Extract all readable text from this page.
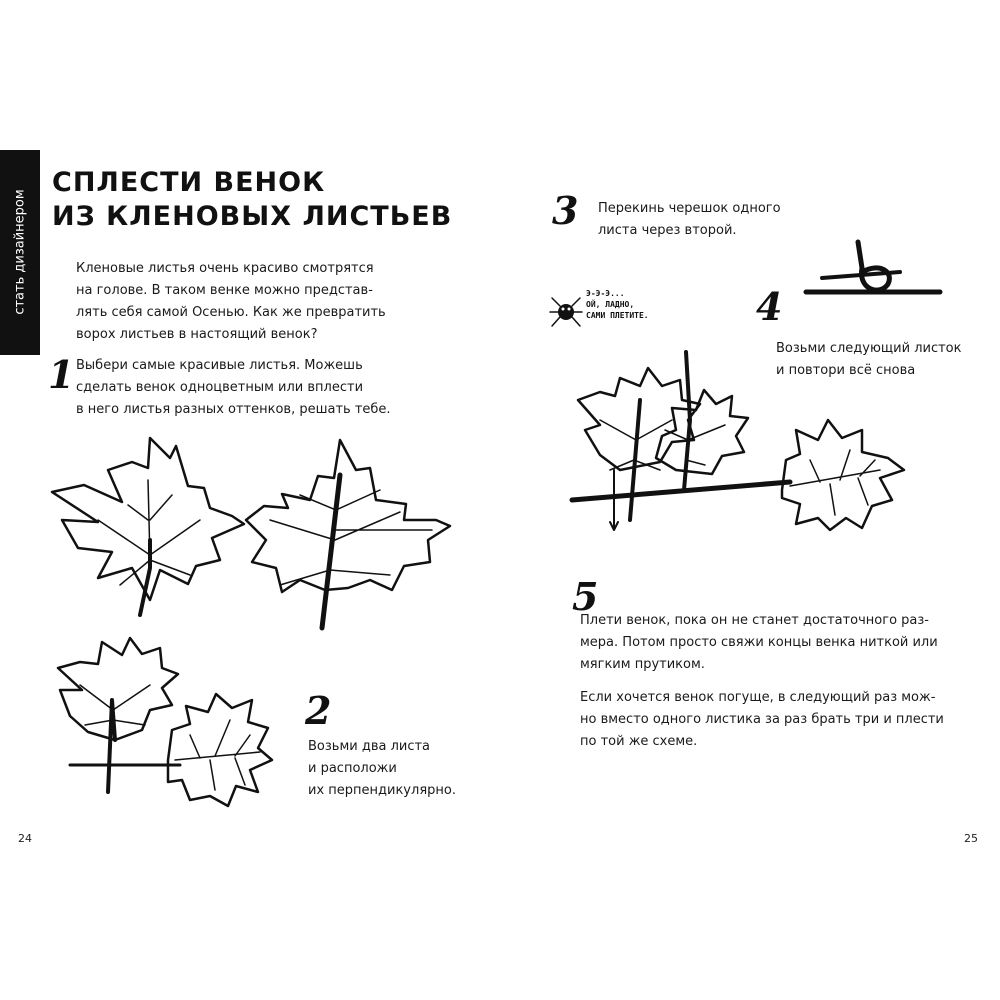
стать дизайнером
СПЛЕСТИ ВЕНОК
ИЗ КЛЕНОВЫХ ЛИСТЬЕВ
Кленовые листья очень красиво смотрятся
на голове. В таком венке можно представ-
лять себя самой Осенью. Как же превратить
ворох листьев в настоящий венок?
1 Выбери самые красивые листья. Можешь
сделать венок одноцветным или вплести
в него листья разных оттенков, решать тебе.
2
Возьми два листа
и расположи
их перпендикулярно.
24
3 Перекинь черешок одного
листа через второй.
Э-Э-Э...
ОЙ, ЛАДНО,
САМИ ПЛЕТИТЕ.	4
Возьми следующий листок
и повтори всё снова
5
Плети венок, пока он не станет достаточного раз-
мера. Потом просто свяжи концы венка ниткой или
мягким прутиком.
Если хочется венок погуще, в следующий раз мож-
но вместо одного листика за раз брать три и плести
по той же схеме.
25
